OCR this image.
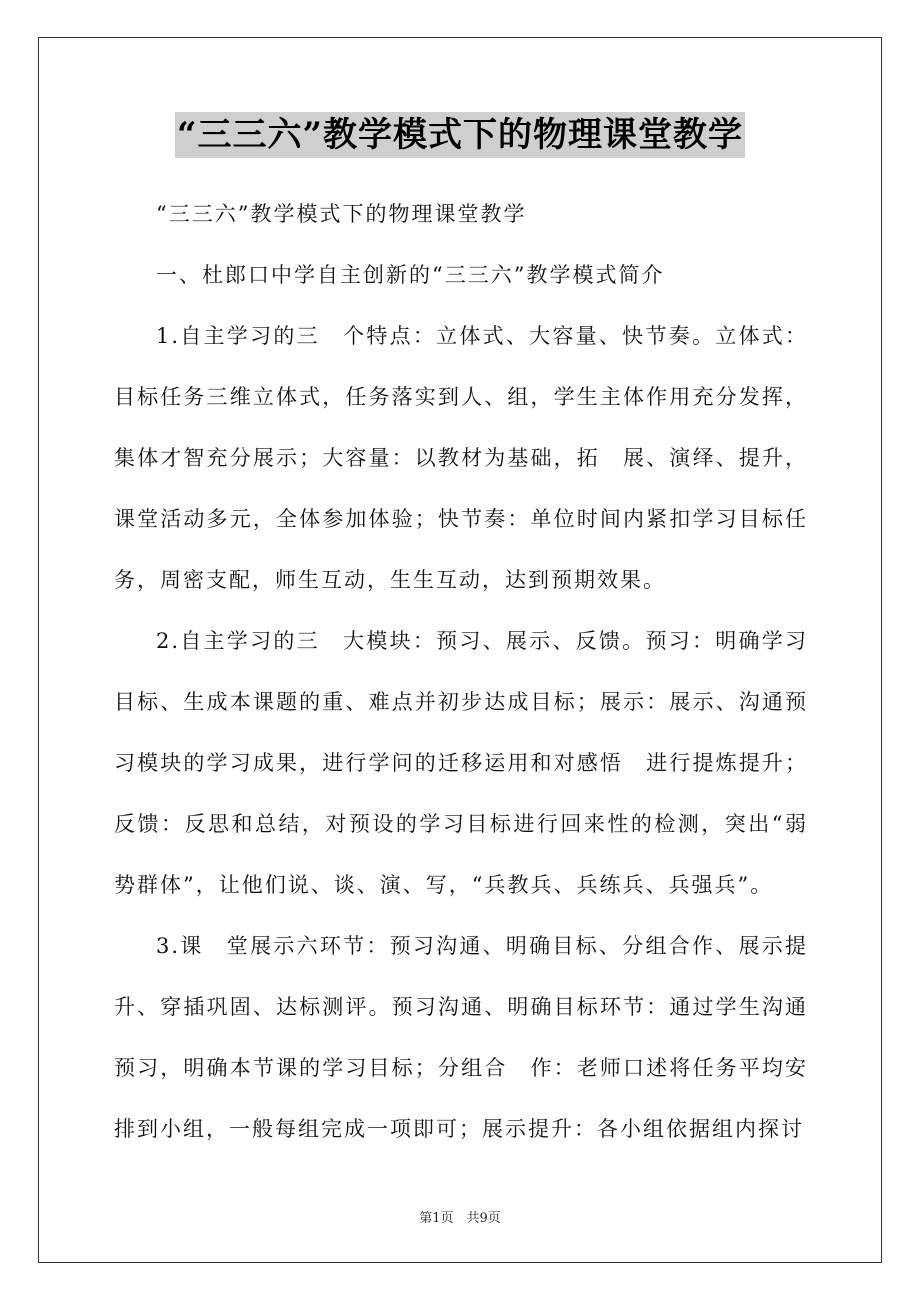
“三三六”教学模式下的物理课堂教学

“三三六”教学模式下的物理课堂教学

一、杜郎口中学自主创新的“三三六”教学模式简介

1.自主学习的三　个特点：立体式、大容量、快节奏。立体式：目标任务三维立体式，任务落实到人、组，学生主体作用充分发挥，集体才智充分展示；大容量：以教材为基础，拓　展、演绎、提升，课堂活动多元，全体参加体验；快节奏：单位时间内紧扣学习目标任务，周密支配，师生互动，生生互动，达到预期效果。

2.自主学习的三　大模块：预习、展示、反馈。预习：明确学习目标、生成本课题的重、难点并初步达成目标；展示：展示、沟通预习模块的学习成果，进行学问的迁移运用和对感悟　进行提炼提升；反馈：反思和总结，对预设的学习目标进行回来性的检测，突出“弱势群体”，让他们说、谈、演、写，“兵教兵、兵练兵、兵强兵”。

3.课　堂展示六环节：预习沟通、明确目标、分组合作、展示提升、穿插巩固、达标测评。预习沟通、明确目标环节：通过学生沟通预习，明确本节课的学习目标；分组合　作：老师口述将任务平均安排到小组，一般每组完成一项即可；展示提升：各小组依据组内探讨

第1页　共9页
